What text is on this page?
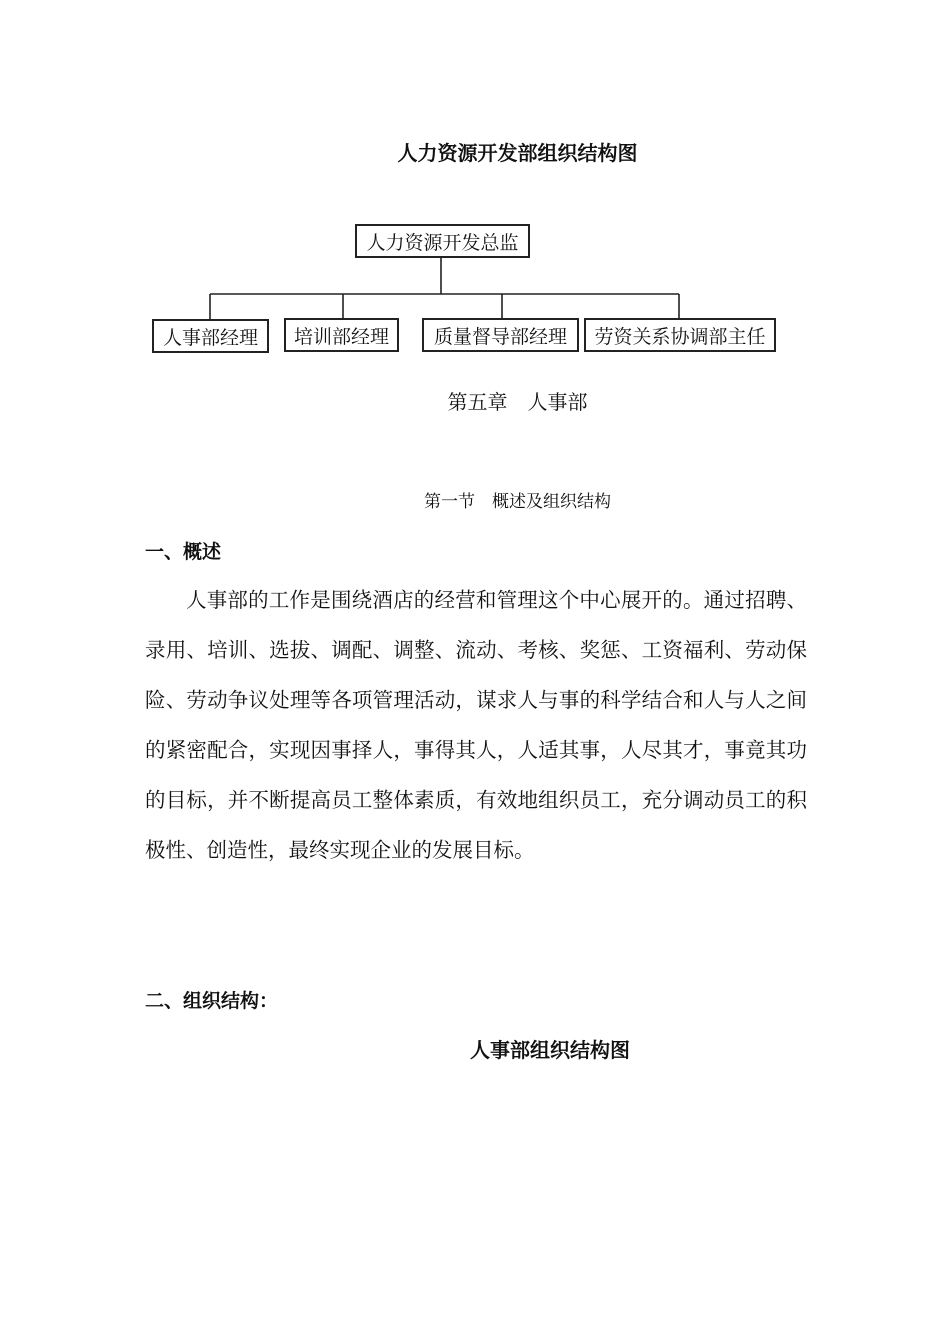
人力资源开发部组织结构图
人力资源开发总监
人事部经理	培训部经理	质量督导部经理	劳资关系协调部主任
第五章　人事部
第一节　概述及组织结构
一、概述

人事部的工作是围绕酒店的经营和管理这个中心展开的。通过招聘、录用、培训、选拔、调配、调整、流动、考核、奖惩、工资福利、劳动保险、劳动争议处理等各项管理活动，谋求人与事的科学结合和人与人之间的紧密配合，实现因事择人，事得其人，人适其事，人尽其才，事竟其功的目标，并不断提高员工整体素质，有效地组织员工，充分调动员工的积极性、创造性，最终实现企业的发展目标。

二、组织结构：
人事部组织结构图
